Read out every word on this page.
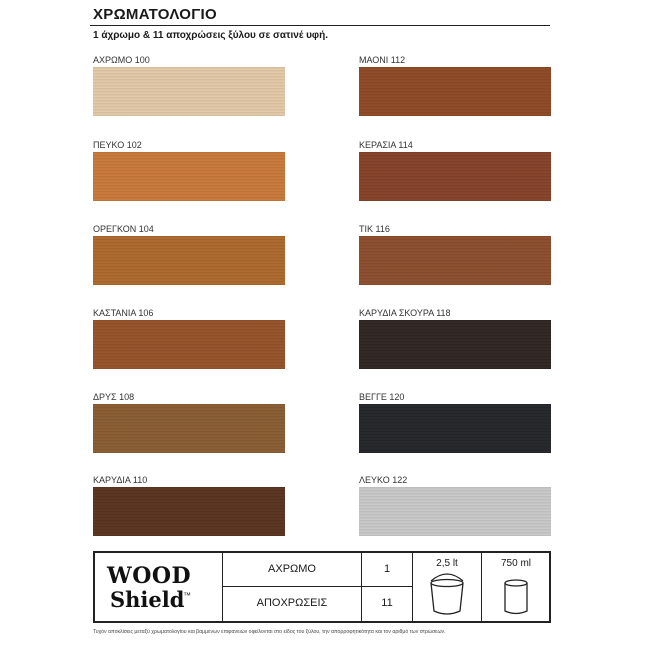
ΧΡΩΜΑΤΟΛΟΓΙΟ
1 άχρωμο & 11 αποχρώσεις ξύλου σε σατινέ υφή.
ΑΧΡΩΜΟ 100	ΜΑΟΝΙ 112
ΠΕΥΚΟ 102	ΚΕΡΑΣΙΑ 114
ΟΡΕΓΚΟΝ 104	ΤΙΚ 116
ΚΑΣΤΑΝΙΑ 106	ΚΑΡΥΔΙΑ ΣΚΟΥΡΑ 118
ΔΡΥΣ 108	ΒΕΓΓΕ 120
ΚΑΡΥΔΙΑ 110	ΛΕΥΚΟ 122
WOOD
Shield
™
ΑΧΡΩΜΟ	1
ΑΠΟΧΡΩΣΕΙΣ	11
2,5 lt	750 ml
Τυχόν αποκλίσεις μεταξύ χρωματολογίου και βαμμένων επιφανειών οφείλονται στο είδος του ξύλου, την απορροφητικότητα και τον αριθμό των στρώσεων.
